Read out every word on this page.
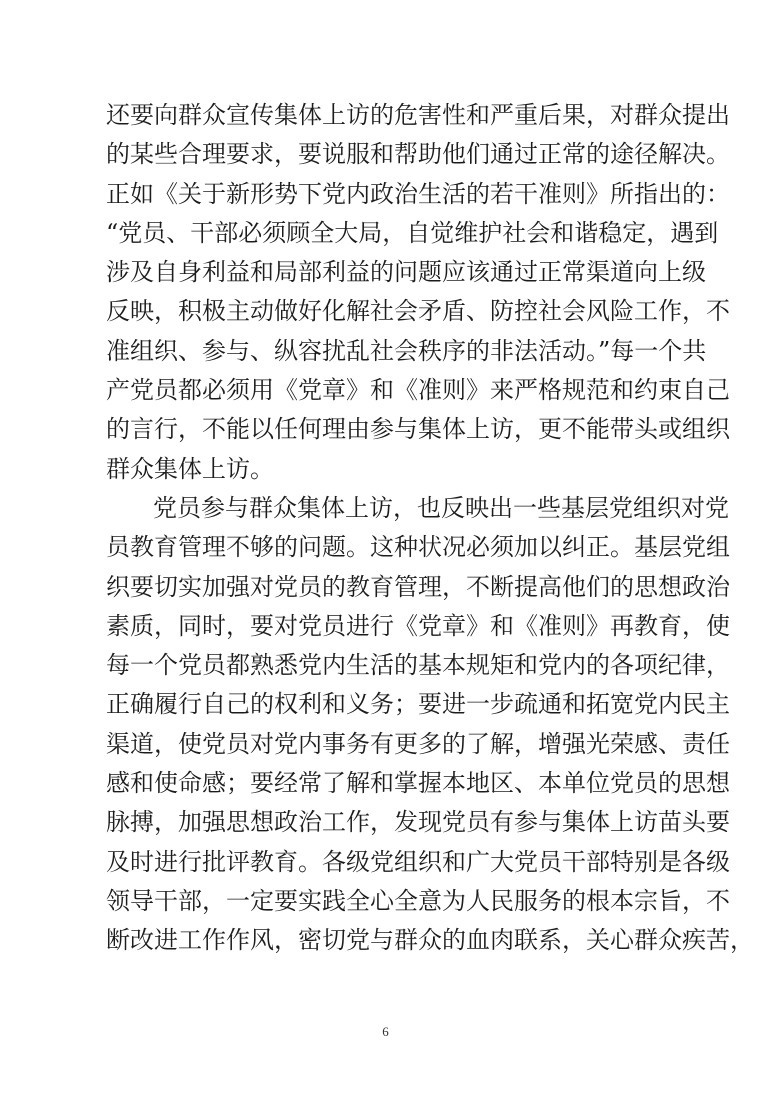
还要向群众宣传集体上访的危害性和严重后果，对群众提出
的某些合理要求，要说服和帮助他们通过正常的途径解决。
正如《关于新形势下党内政治生活的若干准则》所指出的：
“党员、干部必须顾全大局，自觉维护社会和谐稳定，遇到
涉及自身利益和局部利益的问题应该通过正常渠道向上级
反映，积极主动做好化解社会矛盾、防控社会风险工作，不
准组织、参与、纵容扰乱社会秩序的非法活动。”每一个共
产党员都必须用《党章》和《准则》来严格规范和约束自己
的言行，不能以任何理由参与集体上访，更不能带头或组织
群众集体上访。
党员参与群众集体上访，也反映出一些基层党组织对党
员教育管理不够的问题。这种状况必须加以纠正。基层党组
织要切实加强对党员的教育管理，不断提高他们的思想政治
素质，同时，要对党员进行《党章》和《准则》再教育，使
每一个党员都熟悉党内生活的基本规矩和党内的各项纪律，
正确履行自己的权利和义务；要进一步疏通和拓宽党内民主
渠道，使党员对党内事务有更多的了解，增强光荣感、责任
感和使命感；要经常了解和掌握本地区、本单位党员的思想
脉搏，加强思想政治工作，发现党员有参与集体上访苗头要
及时进行批评教育。各级党组织和广大党员干部特别是各级
领导干部，一定要实践全心全意为人民服务的根本宗旨，不
断改进工作作风，密切党与群众的血肉联系，关心群众疾苦，
6
